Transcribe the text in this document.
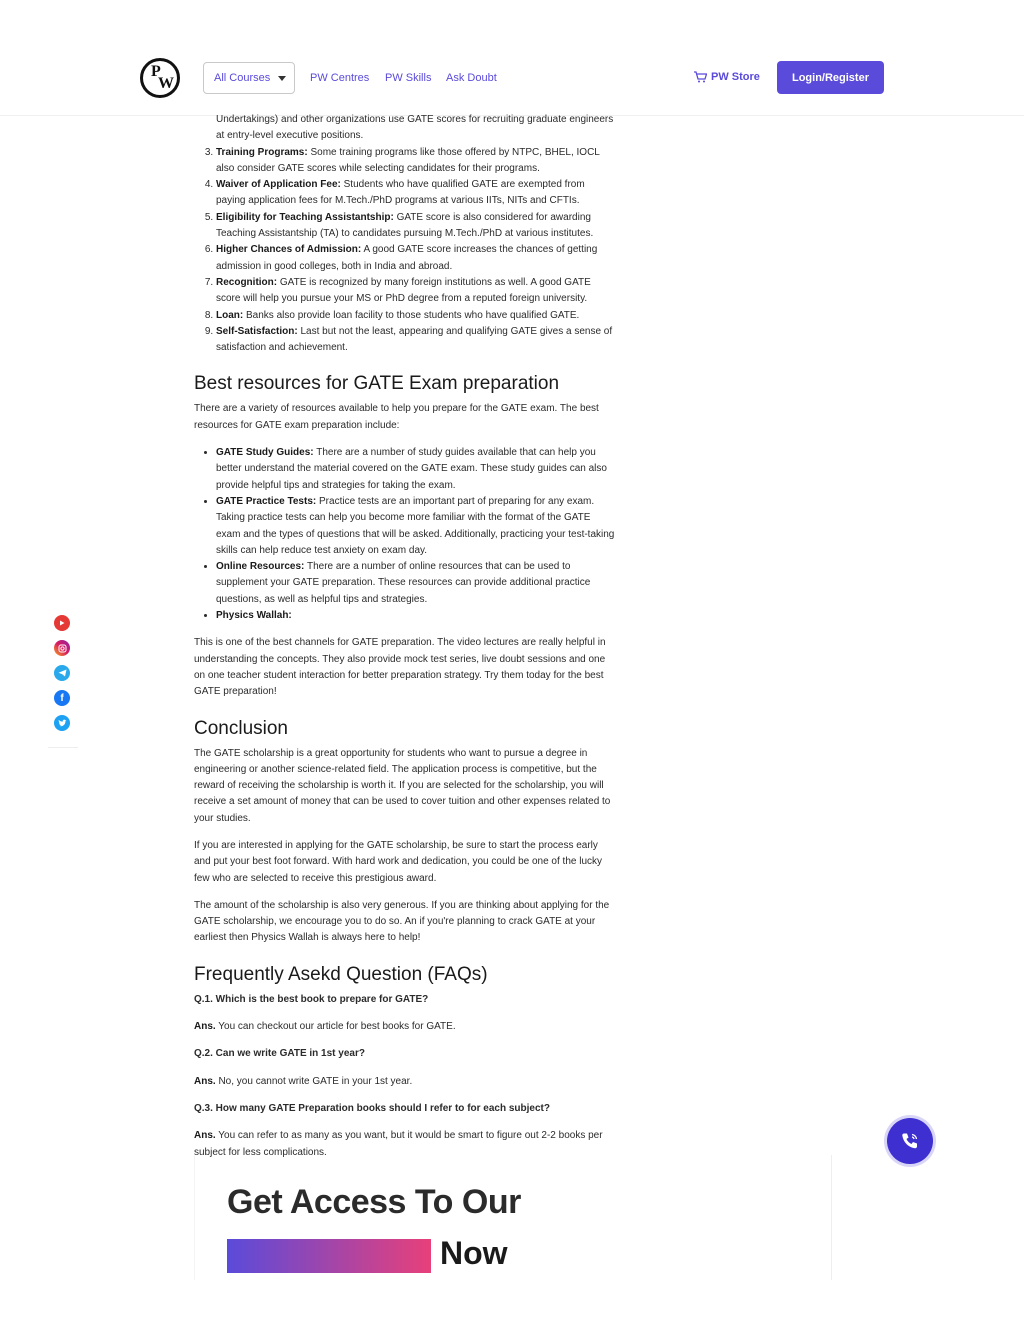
P
W	All Courses	PW Centres PW Skills Ask Doubt	PW Store	Login/Register
Undertakings) and other organizations use GATE scores for recruiting graduate engineers at entry-level executive positions.
3. Training Programs: Some training programs like those offered by NTPC, BHEL, IOCL also consider GATE scores while selecting candidates for their programs.
4. Waiver of Application Fee: Students who have qualified GATE are exempted from paying application fees for M.Tech./PhD programs at various IITs, NITs and CFTIs.
5. Eligibility for Teaching Assistantship: GATE score is also considered for awarding Teaching Assistantship (TA) to candidates pursuing M.Tech./PhD at various institutes.
6. Higher Chances of Admission: A good GATE score increases the chances of getting admission in good colleges, both in India and abroad.
7. Recognition: GATE is recognized by many foreign institutions as well. A good GATE score will help you pursue your MS or PhD degree from a reputed foreign university.
8. Loan: Banks also provide loan facility to those students who have qualified GATE.
9. Self-Satisfaction: Last but not the least, appearing and qualifying GATE gives a sense of satisfaction and achievement.
Best resources for GATE Exam preparation

There are a variety of resources available to help you prepare for the GATE exam. The best resources for GATE exam preparation include:

• GATE Study Guides: There are a number of study guides available that can help you better understand the material covered on the GATE exam. These study guides can also provide helpful tips and strategies for taking the exam.
• GATE Practice Tests: Practice tests are an important part of preparing for any exam. Taking practice tests can help you become more familiar with the format of the GATE exam and the types of questions that will be asked. Additionally, practicing your test-taking skills can help reduce test anxiety on exam day.
• Online Resources: There are a number of online resources that can be used to supplement your GATE preparation. These resources can provide additional practice questions, as well as helpful tips and strategies.
• Physics Wallah:

This is one of the best channels for GATE preparation. The video lectures are really helpful in understanding the concepts. They also provide mock test series, live doubt sessions and one on one teacher student interaction for better preparation strategy. Try them today for the best GATE preparation!

Conclusion

The GATE scholarship is a great opportunity for students who want to pursue a degree in engineering or another science-related field. The application process is competitive, but the reward of receiving the scholarship is worth it. If you are selected for the scholarship, you will receive a set amount of money that can be used to cover tuition and other expenses related to your studies.

If you are interested in applying for the GATE scholarship, be sure to start the process early and put your best foot forward. With hard work and dedication, you could be one of the lucky few who are selected to receive this prestigious award.

The amount of the scholarship is also very generous. If you are thinking about applying for the GATE scholarship, we encourage you to do so. An if you're planning to crack GATE at your earliest then Physics Wallah is always here to help!

Frequently Asekd Question (FAQs)

Q.1. Which is the best book to prepare for GATE?

Ans. You can checkout our article for best books for GATE.

Q.2. Can we write GATE in 1st year?

Ans. No, you cannot write GATE in your 1st year.

Q.3. How many GATE Preparation books should I refer to for each subject?

Ans. You can refer to as many as you want, but it would be smart to figure out 2-2 books per subject for less complications.

f
Get Access To Our
Now
